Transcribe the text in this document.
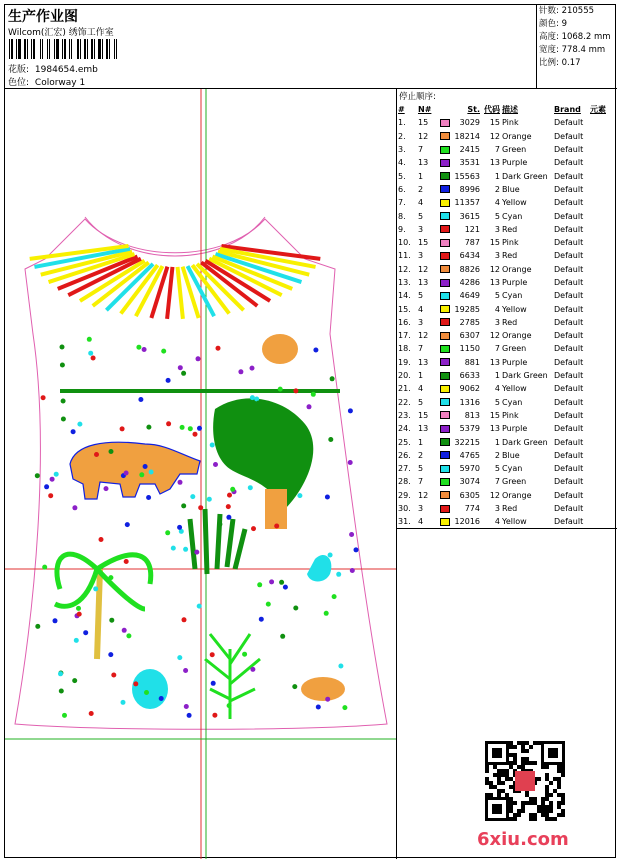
生产作业图
Wilcom(汇宏) 绣饰工作室
花版: 1984654.emb
色位: Colorway 1
针数: 210555
颜色: 9
高度: 1068.2 mm
宽度: 778.4 mm
比例: 0.17
停止顺序:
#	N#		St.	代码	描述	Brand	元素
1.	15		3029	15	Pink	Default	
2.	12		18214	12	Orange	Default	
3.	7		2415	7	Green	Default	
4.	13		3531	13	Purple	Default	
5.	1		15563	1	Dark Green	Default	
6.	2		8996	2	Blue	Default	
7.	4		11357	4	Yellow	Default	
8.	5		3615	5	Cyan	Default	
9.	3		121	3	Red	Default	
10.	15		787	15	Pink	Default	
11.	3		6434	3	Red	Default	
12.	12		8826	12	Orange	Default	
13.	13		4286	13	Purple	Default	
14.	5		4649	5	Cyan	Default	
15.	4		19285	4	Yellow	Default	
16.	3		2785	3	Red	Default	
17.	12		6307	12	Orange	Default	
18.	7		1150	7	Green	Default	
19.	13		881	13	Purple	Default	
20.	1		6633	1	Dark Green	Default	
21.	4		9062	4	Yellow	Default	
22.	5		1316	5	Cyan	Default	
23.	15		813	15	Pink	Default	
24.	13		5379	13	Purple	Default	
25.	1		32215	1	Dark Green	Default	
26.	2		4765	2	Blue	Default	
27.	5		5970	5	Cyan	Default	
28.	7		3074	7	Green	Default	
29.	12		6305	12	Orange	Default	
30.	3		774	3	Red	Default	
31.	4		12016	4	Yellow	Default	
6xiu.com
